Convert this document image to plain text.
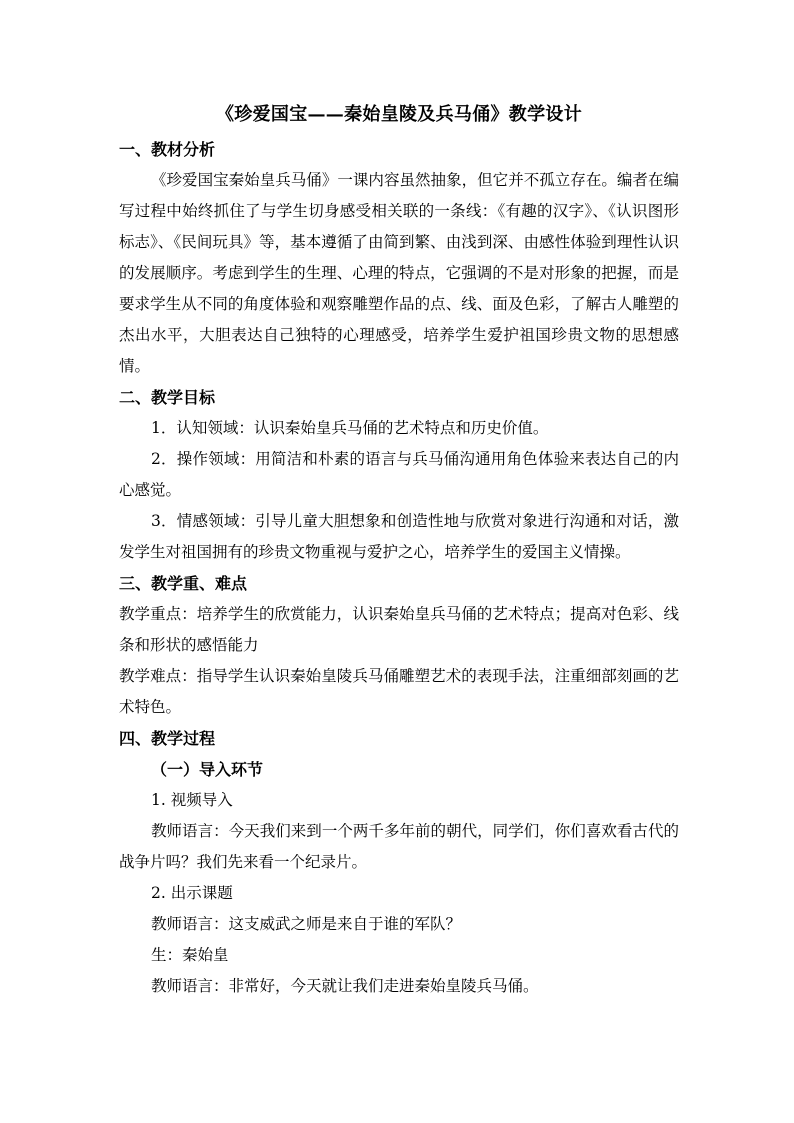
《珍爱国宝——秦始皇陵及兵马俑》教学设计
一、教材分析

《珍爱国宝秦始皇兵马俑》一课内容虽然抽象，但它并不孤立存在。编者在编写过程中始终抓住了与学生切身感受相关联的一条线：《有趣的汉字》、《认识图形标志》、《民间玩具》等，基本遵循了由简到繁、由浅到深、由感性体验到理性认识的发展顺序。考虑到学生的生理、心理的特点，它强调的不是对形象的把握，而是要求学生从不同的角度体验和观察雕塑作品的点、线、面及色彩，了解古人雕塑的杰出水平，大胆表达自己独特的心理感受，培养学生爱护祖国珍贵文物的思想感情。

二、教学目标

1．认知领域：认识秦始皇兵马俑的艺术特点和历史价值。

2．操作领域：用简洁和朴素的语言与兵马俑沟通用角色体验来表达自己的内心感觉。

3．情感领域：引导儿童大胆想象和创造性地与欣赏对象进行沟通和对话，激发学生对祖国拥有的珍贵文物重视与爱护之心，培养学生的爱国主义情操。

三、教学重、难点

教学重点：培养学生的欣赏能力，认识秦始皇兵马俑的艺术特点；提高对色彩、线条和形状的感悟能力

教学难点：指导学生认识秦始皇陵兵马俑雕塑艺术的表现手法，注重细部刻画的艺术特色。

四、教学过程
（一）导入环节

1. 视频导入

教师语言：今天我们来到一个两千多年前的朝代，同学们，你们喜欢看古代的战争片吗？我们先来看一个纪录片。

2. 出示课题

教师语言：这支威武之师是来自于谁的军队？

生：秦始皇

教师语言：非常好，今天就让我们走进秦始皇陵兵马俑。
